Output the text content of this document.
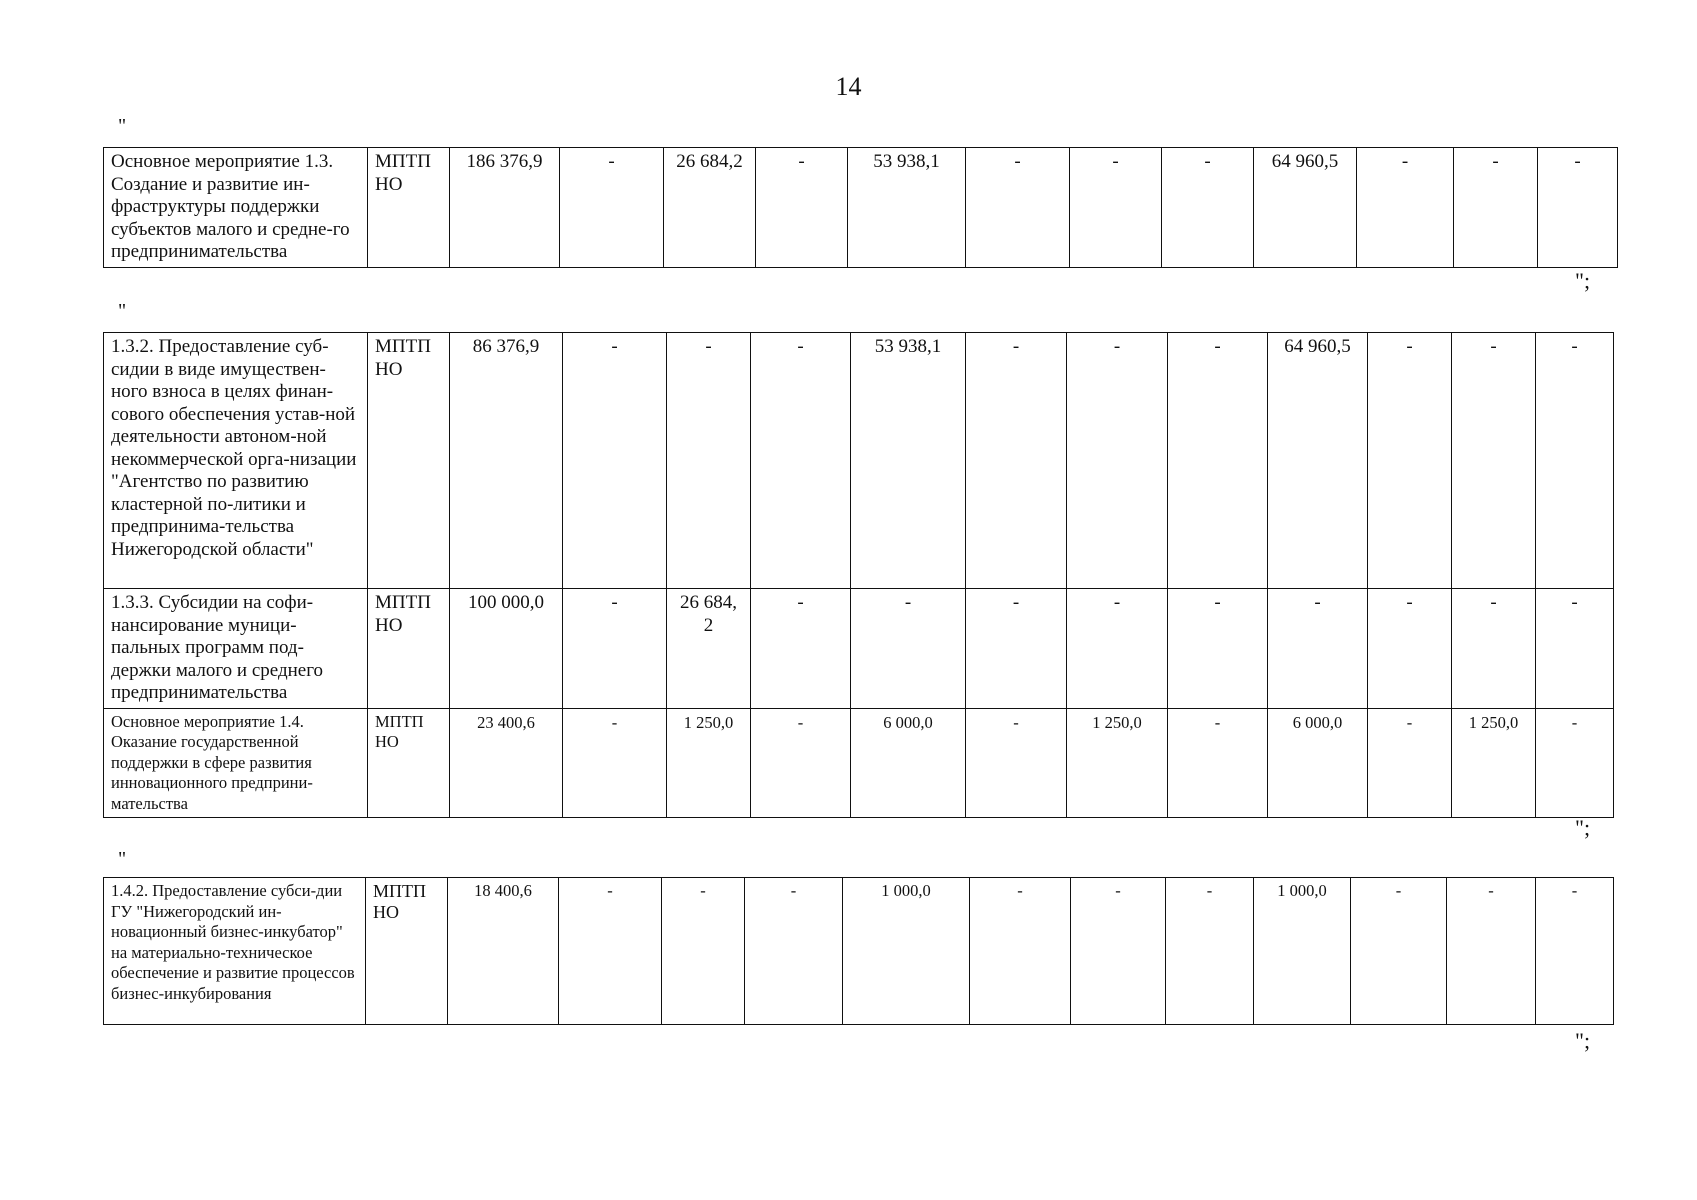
14
"
Основное мероприятие 1.3. Создание и развитие ин-фраструктуры поддержки субъектов малого и средне-го предпринимательства	МПТП НО	186 376,9	-	26 684,2	-	53 938,1	-	-	-	64 960,5	-	-	-
";
"
1.3.2. Предоставление суб-сидии в виде имуществен-ного взноса в целях финан-сового обеспечения устав-ной деятельности автоном-ной некоммерческой орга-низации "Агентство по развитию кластерной по-литики и предпринима-тельства Нижегородской области"	МПТП НО	86 376,9	-	-	-	53 938,1	-	-	-	64 960,5	-	-	-
1.3.3. Субсидии на софи-нансирование муници-пальных программ под-держки малого и среднего предпринимательства	МПТП НО	100 000,0	-	26 684, 2	-	-	-	-	-	-	-	-	-
Основное мероприятие 1.4. Оказание государственной поддержки в сфере развития инновационного предприни-мательства	МПТП НО	23 400,6	-	1 250,0	-	6 000,0	-	1 250,0	-	6 000,0	-	1 250,0	-
";
"
1.4.2. Предоставление субси-дии ГУ "Нижегородский ин-новационный бизнес-инкубатор" на материально-техническое обеспечение и развитие процессов бизнес-инкубирования	МПТП НО	18 400,6	-	-	-	1 000,0	-	-	-	1 000,0	-	-	-
";
